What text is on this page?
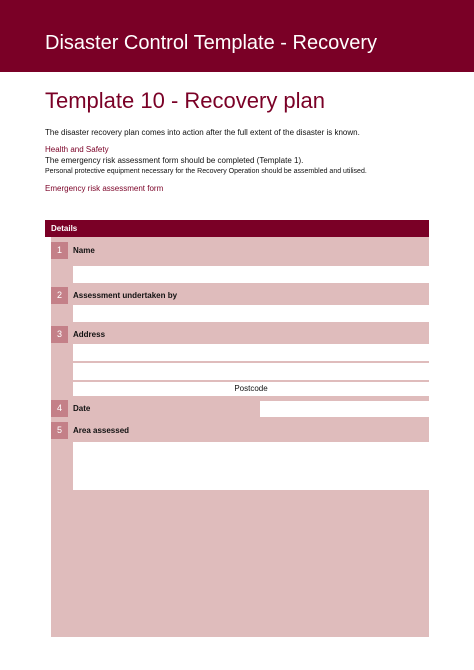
Disaster Control Template - Recovery
Template 10 - Recovery plan
The disaster recovery plan comes into action after the full extent of the disaster is known.
Health and Safety
The emergency risk assessment form should be completed (Template 1).
Personal protective equipment necessary for the Recovery Operation should be assembled and utilised.
Emergency risk assessment form
Details
1	Name
2	Assessment undertaken by
3	Address
Postcode
4	Date
5	Area assessed
